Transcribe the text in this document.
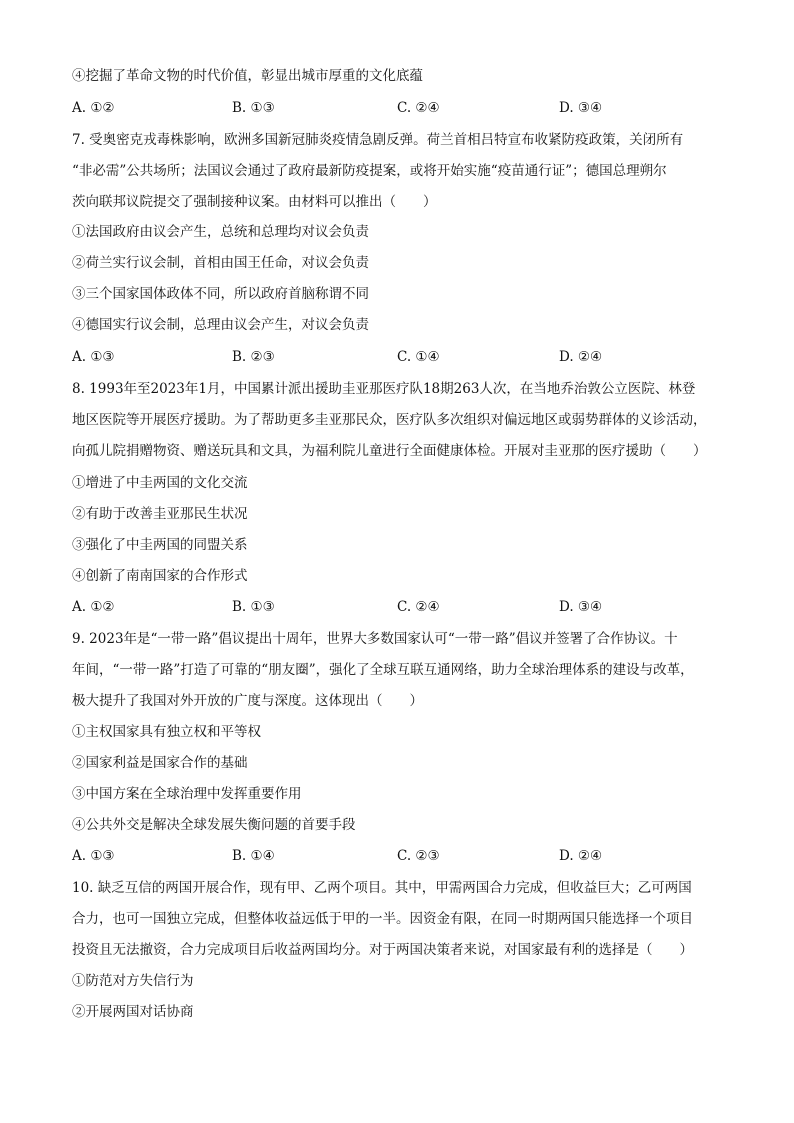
④挖掘了革命文物的时代价值，彰显出城市厚重的文化底蕴
A. ①②	B. ①③	C. ②④	D. ③④
7. 受奥密克戎毒株影响，欧洲多国新冠肺炎疫情急剧反弹。荷兰首相吕特宣布收紧防疫政策，关闭所有
“非必需”公共场所；法国议会通过了政府最新防疫提案，或将开始实施“疫苗通行证”；德国总理朔尔
茨向联邦议院提交了强制接种议案。由材料可以推出（　　）
①法国政府由议会产生，总统和总理均对议会负责
②荷兰实行议会制，首相由国王任命，对议会负责
③三个国家国体政体不同，所以政府首脑称谓不同
④德国实行议会制，总理由议会产生，对议会负责
A. ①③	B. ②③	C. ①④	D. ②④
8. 1993年至2023年1月，中国累计派出援助圭亚那医疗队18期263人次，在当地乔治敦公立医院、林登
地区医院等开展医疗援助。为了帮助更多圭亚那民众，医疗队多次组织对偏远地区或弱势群体的义诊活动，
向孤儿院捐赠物资、赠送玩具和文具，为福利院儿童进行全面健康体检。开展对圭亚那的医疗援助（　　）
①增进了中圭两国的文化交流
②有助于改善圭亚那民生状况
③强化了中圭两国的同盟关系
④创新了南南国家的合作形式
A. ①②	B. ①③	C. ②④	D. ③④
9. 2023年是“一带一路”倡议提出十周年，世界大多数国家认可“一带一路”倡议并签署了合作协议。十
年间，“一带一路”打造了可靠的“朋友圈”，强化了全球互联互通网络，助力全球治理体系的建设与改革，
极大提升了我国对外开放的广度与深度。这体现出（　　）
①主权国家具有独立权和平等权
②国家利益是国家合作的基础
③中国方案在全球治理中发挥重要作用
④公共外交是解决全球发展失衡问题的首要手段
A. ①③	B. ①④	C. ②③	D. ②④
10. 缺乏互信的两国开展合作，现有甲、乙两个项目。其中，甲需两国合力完成，但收益巨大；乙可两国
合力，也可一国独立完成，但整体收益远低于甲的一半。因资金有限，在同一时期两国只能选择一个项目
投资且无法撤资，合力完成项目后收益两国均分。对于两国决策者来说，对国家最有利的选择是（　　）
①防范对方失信行为
②开展两国对话协商
